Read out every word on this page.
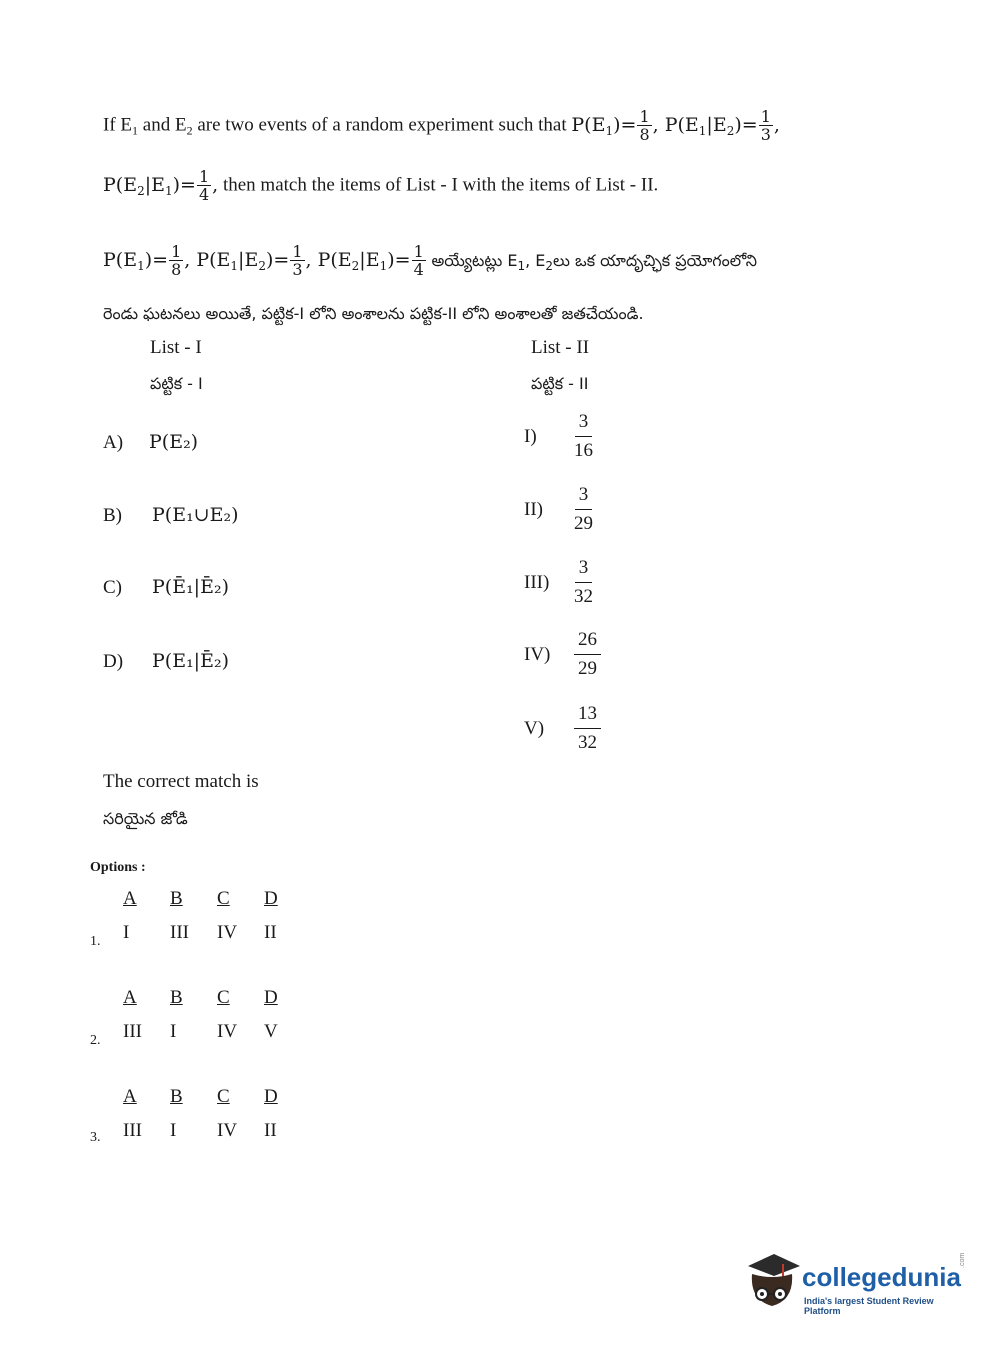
If $E_1$ and $E_2$ are two events of a random experiment such that $P(E_1)= \frac{1}{8}$ , $P(E_1|E_2)= \frac{1}{3}$ ,
$P(E_2|E_1)= \frac{1}{4}$ , then match the items of List - I with the items of List - II.
$P(E_1)= \frac{1}{8}$ , $P(E_1|E_2)= \frac{1}{3}$ , $P(E_2|E_1)= \frac{1}{4}$ అయ్యేటట్లు $E_1$, $E_2లు$ ఒక యాదృచ్ఛిక ప్రయోగంలోని
రెండు ఘటనలు అయితే, పట్టిక-I లోని అంశాలను పట్టిక-II లోని అంశాలతో జతచేయండి.
List - I
పట్టిక - I
List - II
పట్టిక - II
A) P(E₂)
B) P(E₁∪E₂)
C) P(Ē₁|Ē₂)
D) P(E₁|Ē₂)
$I) \frac{3}{16}$
$II) \frac{3}{29}$
$III) \frac{3}{32}$
$IV) \frac{26}{29}$
$V) \frac{13}{32}$
The correct match is
సరియైన జోడి
Options :
1.
A	B	C	D
I	III	IV	II
2.
A	B	C	D
III	I	IV	V
3.
A	B	C	D
III	I	IV	II
collegedunia
.com
India's largest Student Review Platform
